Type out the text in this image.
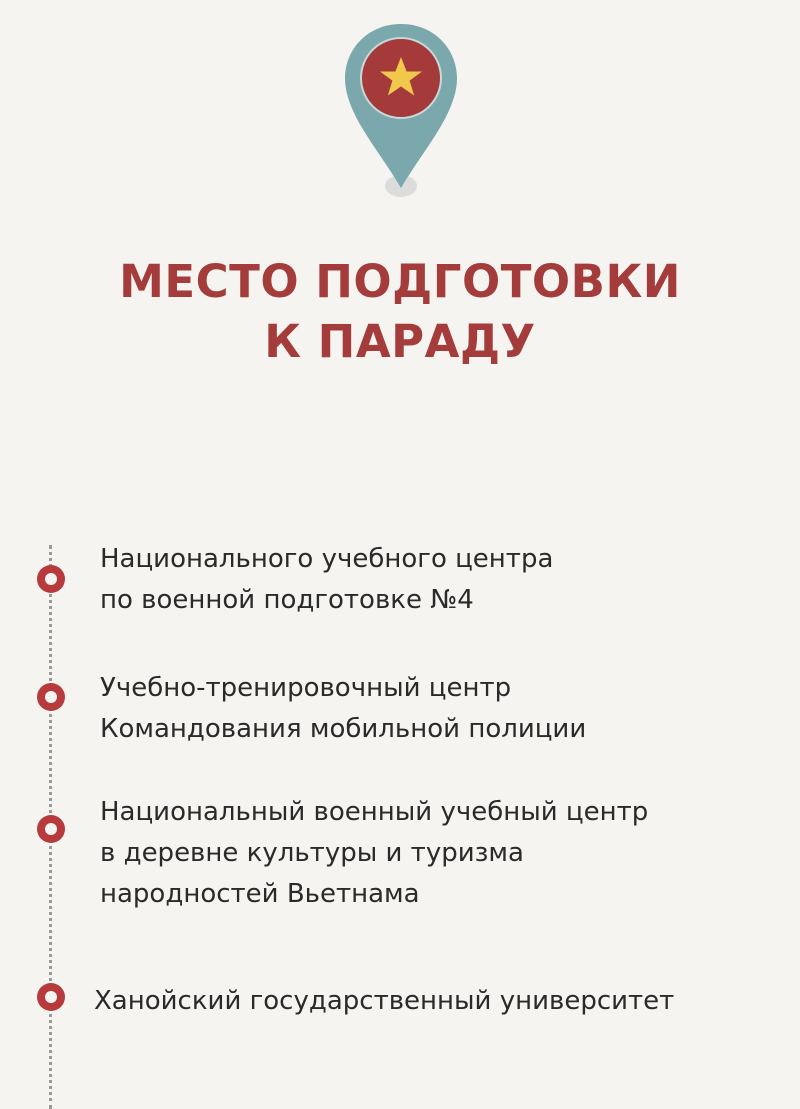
МЕСТО ПОДГОТОВКИ
К ПАРАДУ
Национального учебного центра
по военной подготовке №4
Учебно-тренировочный центр
Командования мобильной полиции
Национальный военный учебный центр
в деревне культуры и туризма
народностей Вьетнама
Ханойский государственный университет
